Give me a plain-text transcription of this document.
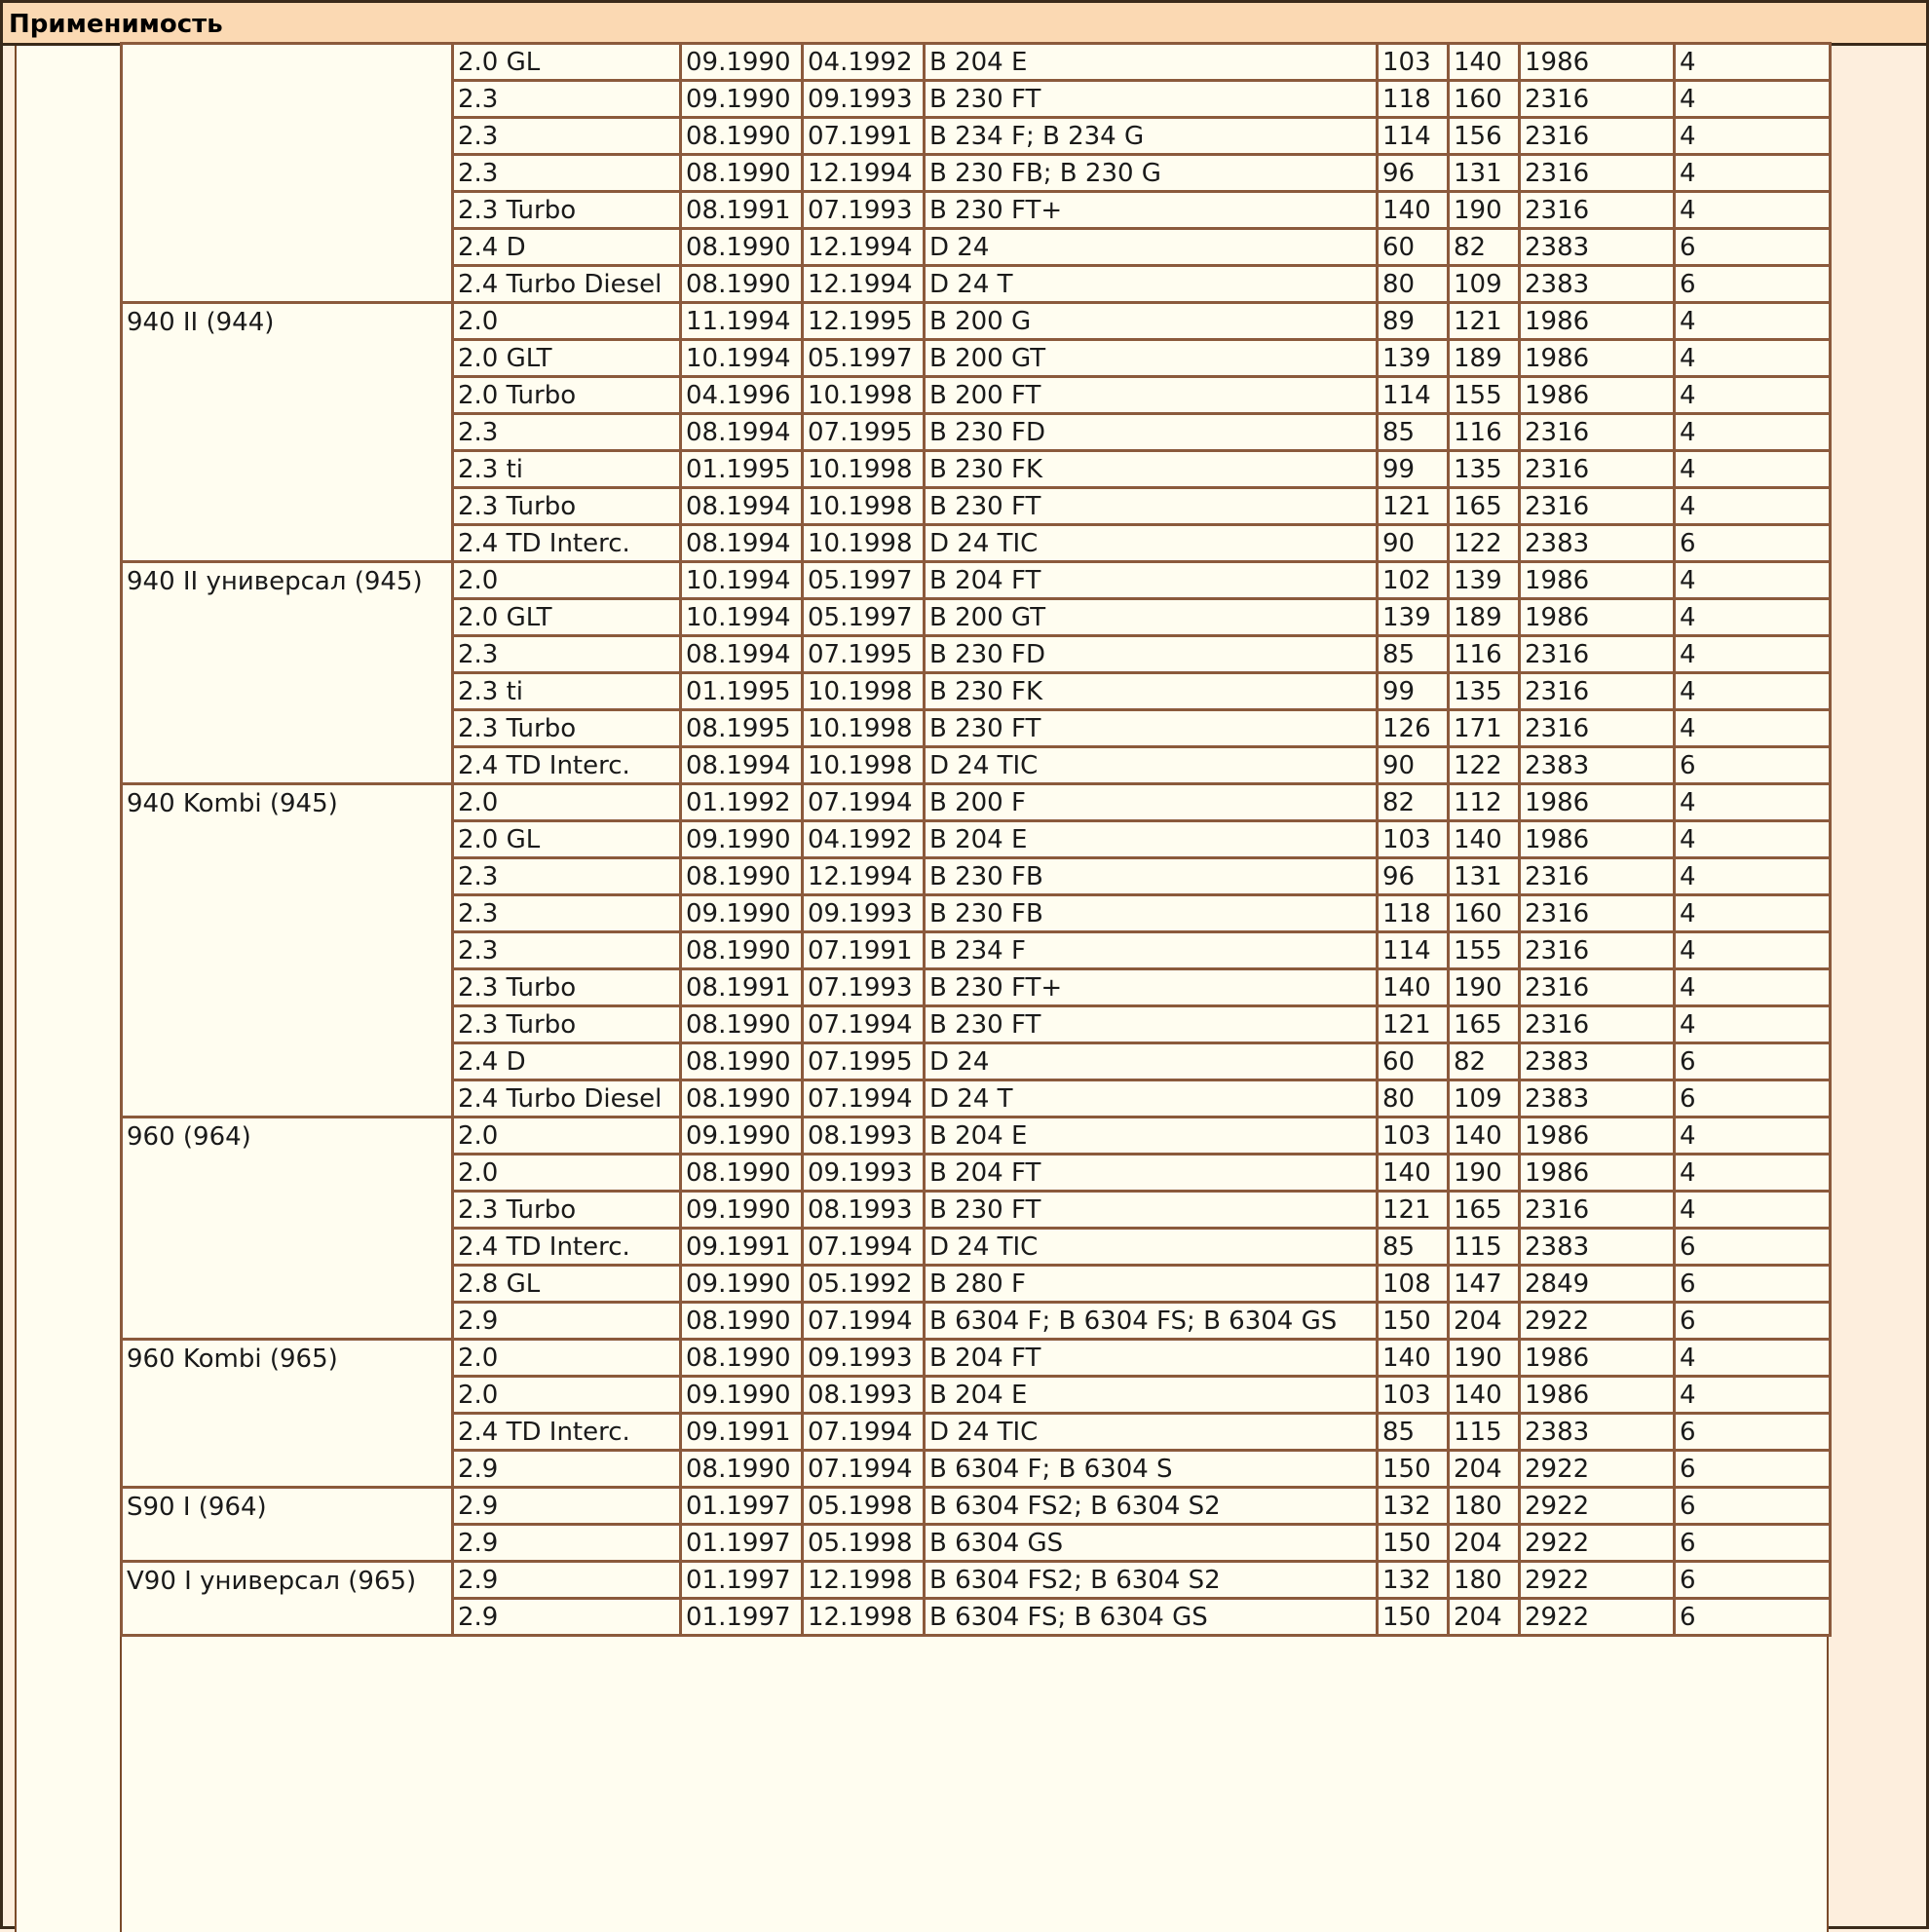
Применимость
	2.0 GL	09.1990	04.1992	B 204 E	103	140	1986	4
	2.3	09.1990	09.1993	B 230 FT	118	160	2316	4
	2.3	08.1990	07.1991	B 234 F; B 234 G	114	156	2316	4
	2.3	08.1990	12.1994	B 230 FB; B 230 G	96	131	2316	4
	2.3 Turbo	08.1991	07.1993	B 230 FT+	140	190	2316	4
	2.4 D	08.1990	12.1994	D 24	60	82	2383	6
	2.4 Turbo Diesel	08.1990	12.1994	D 24 T	80	109	2383	6
940 II (944)	2.0	11.1994	12.1995	B 200 G	89	121	1986	4
	2.0 GLT	10.1994	05.1997	B 200 GT	139	189	1986	4
	2.0 Turbo	04.1996	10.1998	B 200 FT	114	155	1986	4
	2.3	08.1994	07.1995	B 230 FD	85	116	2316	4
	2.3 ti	01.1995	10.1998	B 230 FK	99	135	2316	4
	2.3 Turbo	08.1994	10.1998	B 230 FT	121	165	2316	4
	2.4 TD Interc.	08.1994	10.1998	D 24 TIC	90	122	2383	6
940 II универсал (945)	2.0	10.1994	05.1997	B 204 FT	102	139	1986	4
	2.0 GLT	10.1994	05.1997	B 200 GT	139	189	1986	4
	2.3	08.1994	07.1995	B 230 FD	85	116	2316	4
	2.3 ti	01.1995	10.1998	B 230 FK	99	135	2316	4
	2.3 Turbo	08.1995	10.1998	B 230 FT	126	171	2316	4
	2.4 TD Interc.	08.1994	10.1998	D 24 TIC	90	122	2383	6
940 Kombi (945)	2.0	01.1992	07.1994	B 200 F	82	112	1986	4
	2.0 GL	09.1990	04.1992	B 204 E	103	140	1986	4
	2.3	08.1990	12.1994	B 230 FB	96	131	2316	4
	2.3	09.1990	09.1993	B 230 FB	118	160	2316	4
	2.3	08.1990	07.1991	B 234 F	114	155	2316	4
	2.3 Turbo	08.1991	07.1993	B 230 FT+	140	190	2316	4
	2.3 Turbo	08.1990	07.1994	B 230 FT	121	165	2316	4
	2.4 D	08.1990	07.1995	D 24	60	82	2383	6
	2.4 Turbo Diesel	08.1990	07.1994	D 24 T	80	109	2383	6
960 (964)	2.0	09.1990	08.1993	B 204 E	103	140	1986	4
	2.0	08.1990	09.1993	B 204 FT	140	190	1986	4
	2.3 Turbo	09.1990	08.1993	B 230 FT	121	165	2316	4
	2.4 TD Interc.	09.1991	07.1994	D 24 TIC	85	115	2383	6
	2.8 GL	09.1990	05.1992	B 280 F	108	147	2849	6
	2.9	08.1990	07.1994	B 6304 F; B 6304 FS; B 6304 GS	150	204	2922	6
960 Kombi (965)	2.0	08.1990	09.1993	B 204 FT	140	190	1986	4
	2.0	09.1990	08.1993	B 204 E	103	140	1986	4
	2.4 TD Interc.	09.1991	07.1994	D 24 TIC	85	115	2383	6
	2.9	08.1990	07.1994	B 6304 F; B 6304 S	150	204	2922	6
S90 I (964)	2.9	01.1997	05.1998	B 6304 FS2; B 6304 S2	132	180	2922	6
	2.9	01.1997	05.1998	B 6304 GS	150	204	2922	6
V90 I универсал (965)	2.9	01.1997	12.1998	B 6304 FS2; B 6304 S2	132	180	2922	6
	2.9	01.1997	12.1998	B 6304 FS; B 6304 GS	150	204	2922	6
